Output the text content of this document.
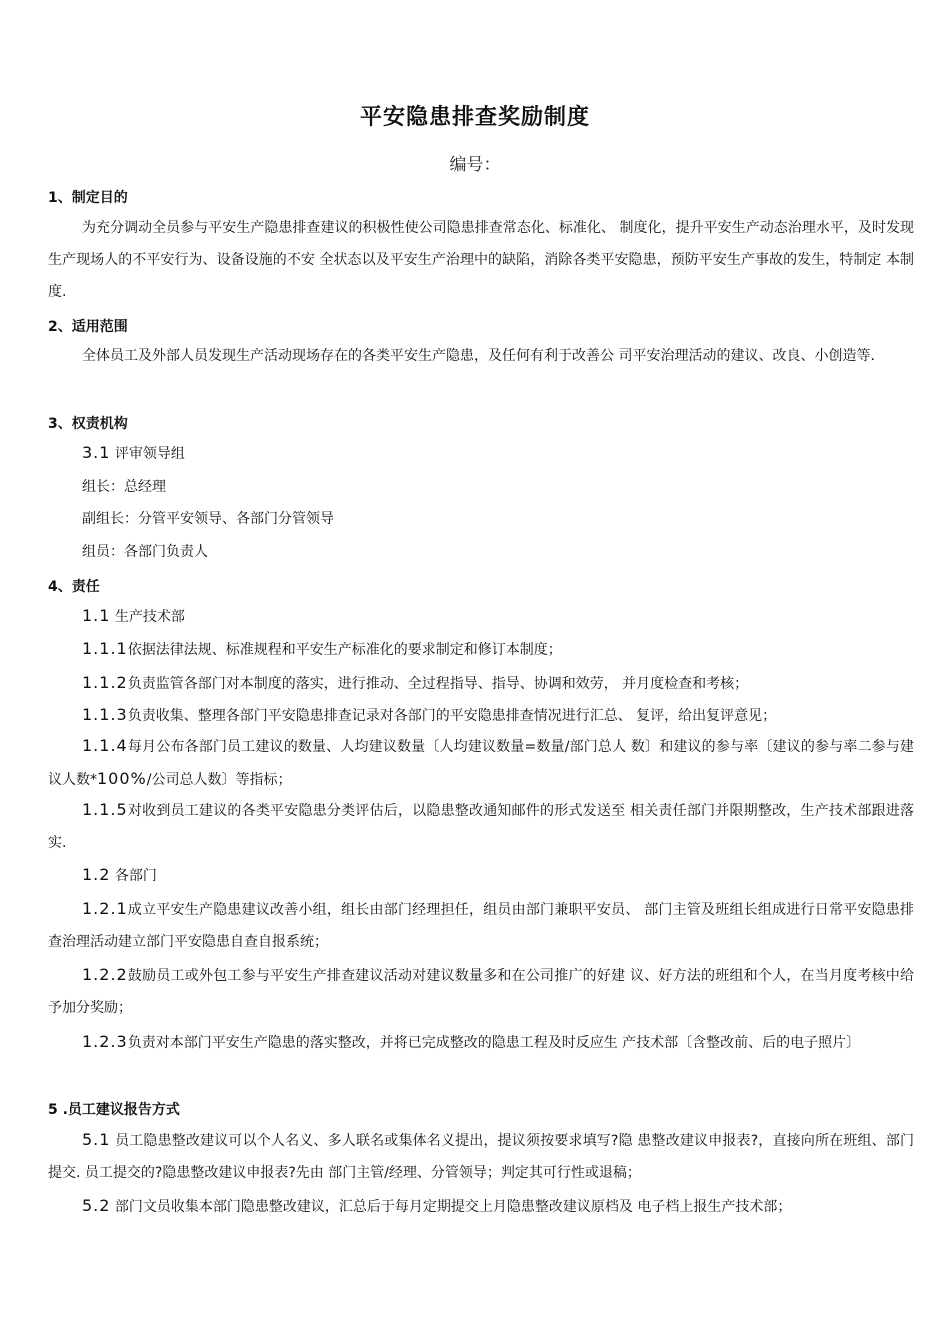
平安隐患排查奖励制度
编号：
1、制定目的

为充分调动全员参与平安生产隐患排查建议的积极性使公司隐患排查常态化、标准化、 制度化，提升平安生产动态治理水平，及时发现生产现场人的不平安行为、设备设施的不安 全状态以及平安生产治理中的缺陷，消除各类平安隐患，预防平安生产事故的发生，特制定 本制度.

2、适用范围

全体员工及外部人员发现生产活动现场存在的各类平安生产隐患，及任何有利于改善公 司平安治理活动的建议、改良、小创造等.

3、权责机构
3.1 评审领导组
组长：总经理
副组长：分管平安领导、各部门分管领导
组员：各部门负责人
4、责任
1.1 生产技术部

1.1.1依据法律法规、标准规程和平安生产标准化的要求制定和修订本制度；

1.1.2负责监管各部门对本制度的落实，进行推动、全过程指导、指导、协调和效劳， 并月度检查和考核；

1.1.3负责收集、整理各部门平安隐患排查记录对各部门的平安隐患排查情况进行汇总、 复评，给出复评意见；

1.1.4每月公布各部门员工建议的数量、人均建议数量〔人均建议数量=数量/部门总人 数〕和建议的参与率〔建议的参与率二参与建议人数*100%/公司总人数〕等指标；

1.1.5对收到员工建议的各类平安隐患分类评估后，以隐患整改通知邮件的形式发送至 相关责任部门并限期整改，生产技术部跟进落实.

1.2 各部门

1.2.1成立平安生产隐患建议改善小组，组长由部门经理担任，组员由部门兼职平安员、 部门主管及班组长组成进行日常平安隐患排查治理活动建立部门平安隐患自查自报系统；

1.2.2鼓励员工或外包工参与平安生产排查建议活动对建议数量多和在公司推广的好建 议、好方法的班组和个人，在当月度考核中给予加分奖励；

1.2.3负责对本部门平安生产隐患的落实整改，并将已完成整改的隐患工程及时反应生 产技术部〔含整改前、后的电子照片〕

5 .员工建议报告方式

5.1 员工隐患整改建议可以个人名义、多人联名或集体名义提出，提议须按要求填写?隐 患整改建议申报表?，直接向所在班组、部门提交. 员工提交的?隐患整改建议申报表?先由 部门主管/经理、分管领导；判定其可行性或退稿；

5.2 部门文员收集本部门隐患整改建议，汇总后于每月定期提交上月隐患整改建议原档及 电子档上报生产技术部；
